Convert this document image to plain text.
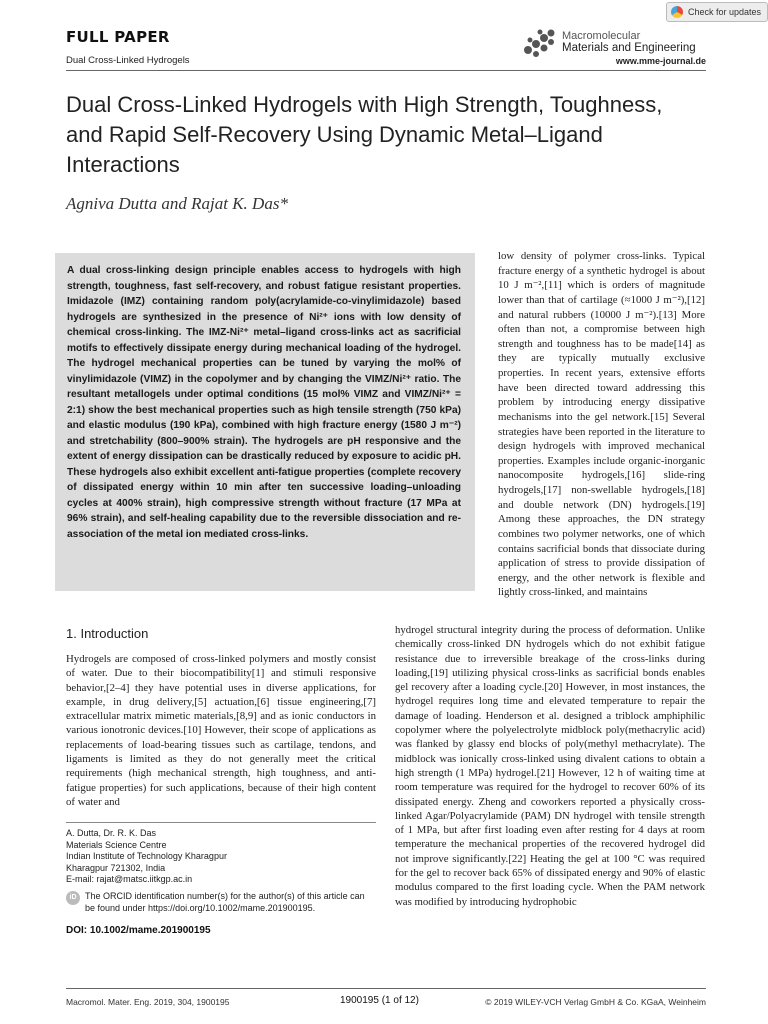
FULL PAPER
Dual Cross-Linked Hydrogels
Check for updates
Macromolecular
Materials and Engineering
www.mme-journal.de
Dual Cross-Linked Hydrogels with High Strength, Toughness, and Rapid Self-Recovery Using Dynamic Metal–Ligand Interactions
Agniva Dutta and Rajat K. Das*

A dual cross-linking design principle enables access to hydrogels with high strength, toughness, fast self-recovery, and robust fatigue resistant properties. Imidazole (IMZ) containing random poly(acrylamide-co-vinylimidazole) based hydrogels are synthesized in the presence of Ni²⁺ ions with low density of chemical cross-linking. The IMZ-Ni²⁺ metal–ligand cross-links act as sacrificial motifs to effectively dissipate energy during mechanical loading of the hydrogel. The hydrogel mechanical properties can be tuned by varying the mol% of vinylimidazole (VIMZ) in the copolymer and by changing the VIMZ/Ni²⁺ ratio. The resultant metallogels under optimal conditions (15 mol% VIMZ and VIMZ/Ni²⁺ = 2:1) show the best mechanical properties such as high tensile strength (750 kPa) and elastic modulus (190 kPa), combined with high fracture energy (1580 J m⁻²) and stretchability (800–900% strain). The hydrogels are pH responsive and the extent of energy dissipation can be drastically reduced by exposure to acidic pH. These hydrogels also exhibit excellent anti-fatigue properties (complete recovery of dissipated energy within 10 min after ten successive loading–unloading cycles at 400% strain), high compressive strength without fracture (17 MPa at 96% strain), and self-healing capability due to the reversible dissociation and re-association of the metal ion mediated cross-links.

low density of polymer cross-links. Typical fracture energy of a synthetic hydrogel is about 10 J m⁻²,[11] which is orders of magnitude lower than that of cartilage (≈1000 J m⁻²),[12] and natural rubbers (10000 J m⁻²).[13] More often than not, a compromise between high strength and toughness has to be made[14] as they are typically mutually exclusive properties. In recent years, extensive efforts have been directed toward addressing this problem by introducing energy dissipative mechanisms into the gel network.[15] Several strategies have been reported in the literature to design hydrogels with improved mechanical properties. Examples include organic-inorganic nanocomposite hydrogels,[16] slide-ring hydrogels,[17] non-swellable hydrogels,[18] and double network (DN) hydrogels.[19] Among these approaches, the DN strategy combines two polymer networks, one of which contains sacrificial bonds that dissociate during application of stress to provide dissipation of energy, and the other network is flexible and lightly cross-linked, and maintains

1. Introduction

Hydrogels are composed of cross-linked polymers and mostly consist of water. Due to their biocompatibility[1] and stimuli responsive behavior,[2–4] they have potential uses in diverse applications, for example, in drug delivery,[5] actuation,[6] tissue engineering,[7] extracellular matrix mimetic materials,[8,9] and as ionic conductors in various ionotronic devices.[10] However, their scope of applications as replacements of load-bearing tissues such as cartilage, tendons, and ligaments is limited as they do not generally meet the critical requirements (high mechanical strength, high toughness, and anti-fatigue properties) for such applications, because of their high content of water and

hydrogel structural integrity during the process of deformation. Unlike chemically cross-linked DN hydrogels which do not exhibit fatigue resistance due to irreversible breakage of the cross-links during loading,[19] utilizing physical cross-links as sacrificial bonds enables gel recovery after a loading cycle.[20] However, in most instances, the hydrogel requires long time and elevated temperature to repair the damage of loading. Henderson et al. designed a triblock amphiphilic copolymer where the polyelectrolyte midblock poly(methacrylic acid) was flanked by glassy end blocks of poly(methyl methacrylate). The midblock was ionically cross-linked using divalent cations to obtain a high strength (1 MPa) hydrogel.[21] However, 12 h of waiting time at room temperature was required for the hydrogel to recover 60% of its dissipated energy. Zheng and coworkers reported a physically cross-linked Agar/Polyacrylamide (PAM) DN hydrogel with tensile strength of 1 MPa, but after first loading even after resting for 4 days at room temperature the mechanical properties of the recovered hydrogel did not improve significantly.[22] Heating the gel at 100 °C was required for the gel to recover back 65% of dissipated energy and 90% of elastic modulus compared to the first loading cycle. When the PAM network was modified by introducing hydrophobic

A. Dutta, Dr. R. K. Das
Materials Science Centre
Indian Institute of Technology Kharagpur
Kharagpur 721302, India
E-mail: rajat@matsc.iitkgp.ac.in
iD The ORCID identification number(s) for the author(s) of this article can be found under https://doi.org/10.1002/mame.201900195.
DOI: 10.1002/mame.201900195
Macromol. Mater. Eng. 2019, 304, 1900195	1900195 (1 of 12)	© 2019 WILEY-VCH Verlag GmbH & Co. KGaA, Weinheim
